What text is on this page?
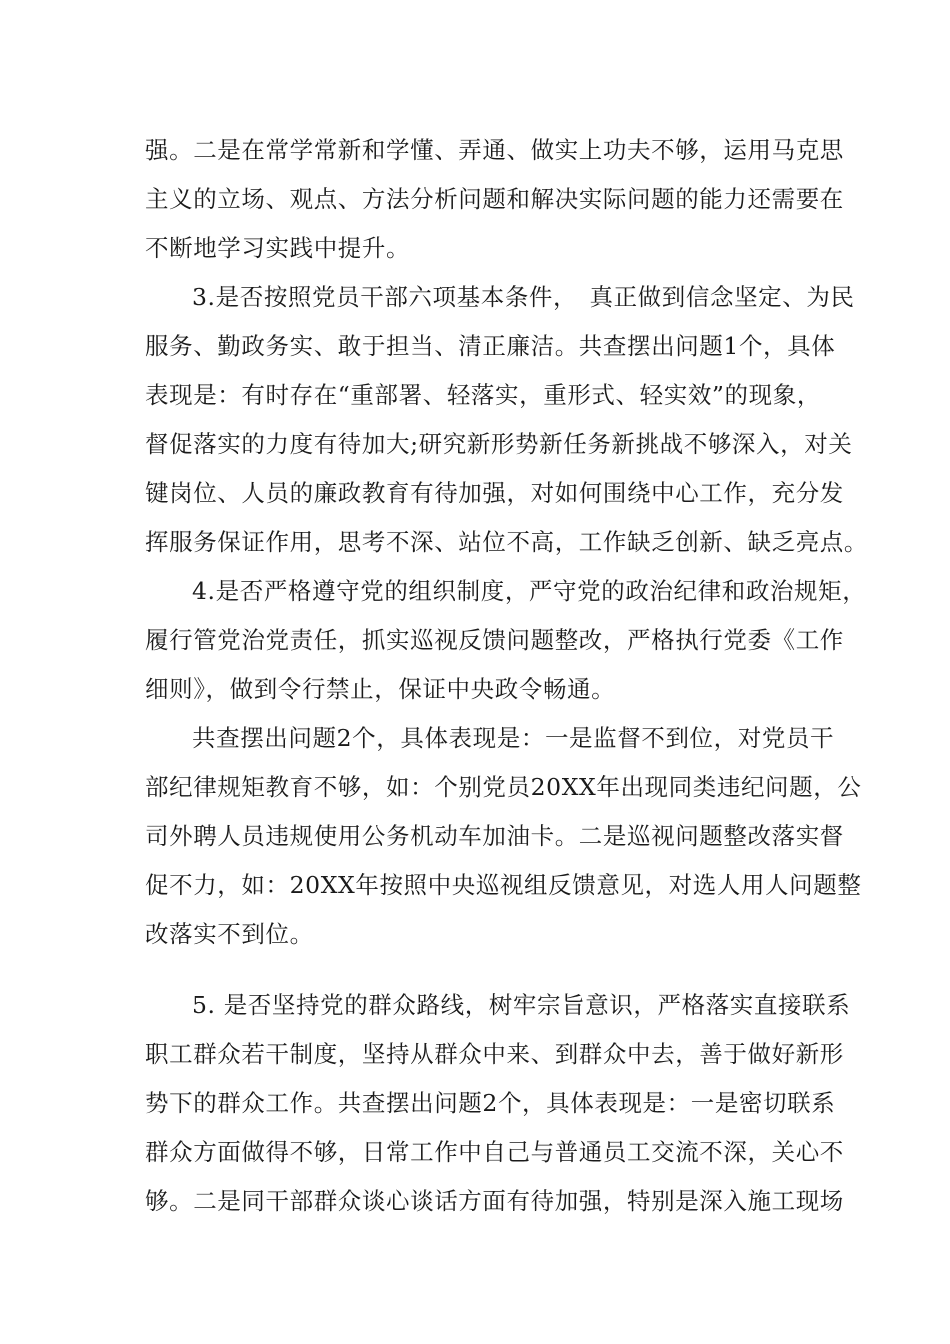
强。二是在常学常新和学懂、弄通、做实上功夫不够，运用马克思
主义的立场、观点、方法分析问题和解决实际问题的能力还需要在
不断地学习实践中提升。
3.是否按照党员干部六项基本条件，　真正做到信念坚定、为民
服务、勤政务实、敢于担当、清正廉洁。共查摆出问题1个，具体
表现是：有时存在“重部署、轻落实，重形式、轻实效”的现象，
督促落实的力度有待加大;研究新形势新任务新挑战不够深入，对关
键岗位、人员的廉政教育有待加强，对如何围绕中心工作，充分发
挥服务保证作用，思考不深、站位不高，工作缺乏创新、缺乏亮点。
4.是否严格遵守党的组织制度，严守党的政治纪律和政治规矩，
履行管党治党责任，抓实巡视反馈问题整改，严格执行党委《工作
细则》，做到令行禁止，保证中央政令畅通。
共查摆出问题2个，具体表现是：一是监督不到位，对党员干
部纪律规矩教育不够，如：个别党员20XX年出现同类违纪问题，公
司外聘人员违规使用公务机动车加油卡。二是巡视问题整改落实督
促不力，如：20XX年按照中央巡视组反馈意见，对选人用人问题整
改落实不到位。
5. 是否坚持党的群众路线，树牢宗旨意识，严格落实直接联系
职工群众若干制度，坚持从群众中来、到群众中去，善于做好新形
势下的群众工作。共查摆出问题2个，具体表现是：一是密切联系
群众方面做得不够，日常工作中自己与普通员工交流不深，关心不
够。二是同干部群众谈心谈话方面有待加强，特别是深入施工现场
